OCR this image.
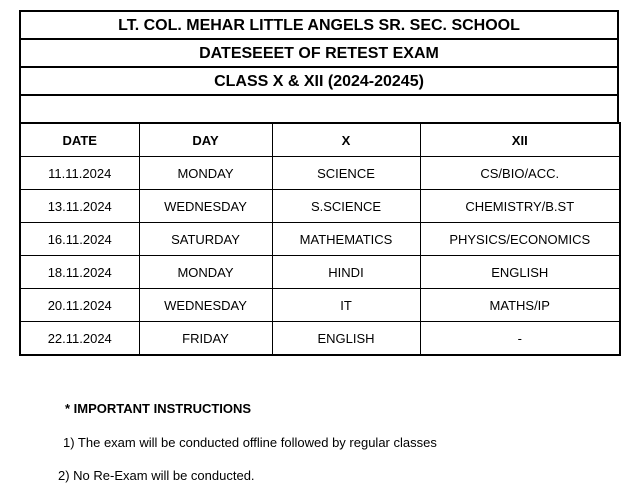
LT. COL. MEHAR LITTLE ANGELS SR. SEC. SCHOOL
DATESEEET OF RETEST EXAM
CLASS X & XII (2024-20245)
DATE	DAY	X	XII
11.11.2024	MONDAY	SCIENCE	CS/BIO/ACC.
13.11.2024	WEDNESDAY	S.SCIENCE	CHEMISTRY/B.ST
16.11.2024	SATURDAY	MATHEMATICS	PHYSICS/ECONOMICS
18.11.2024	MONDAY	HINDI	ENGLISH
20.11.2024	WEDNESDAY	IT	MATHS/IP
22.11.2024	FRIDAY	ENGLISH	-
* IMPORTANT INSTRUCTIONS
1) The exam will be conducted offline followed by regular classes
2) No Re-Exam will be conducted.
